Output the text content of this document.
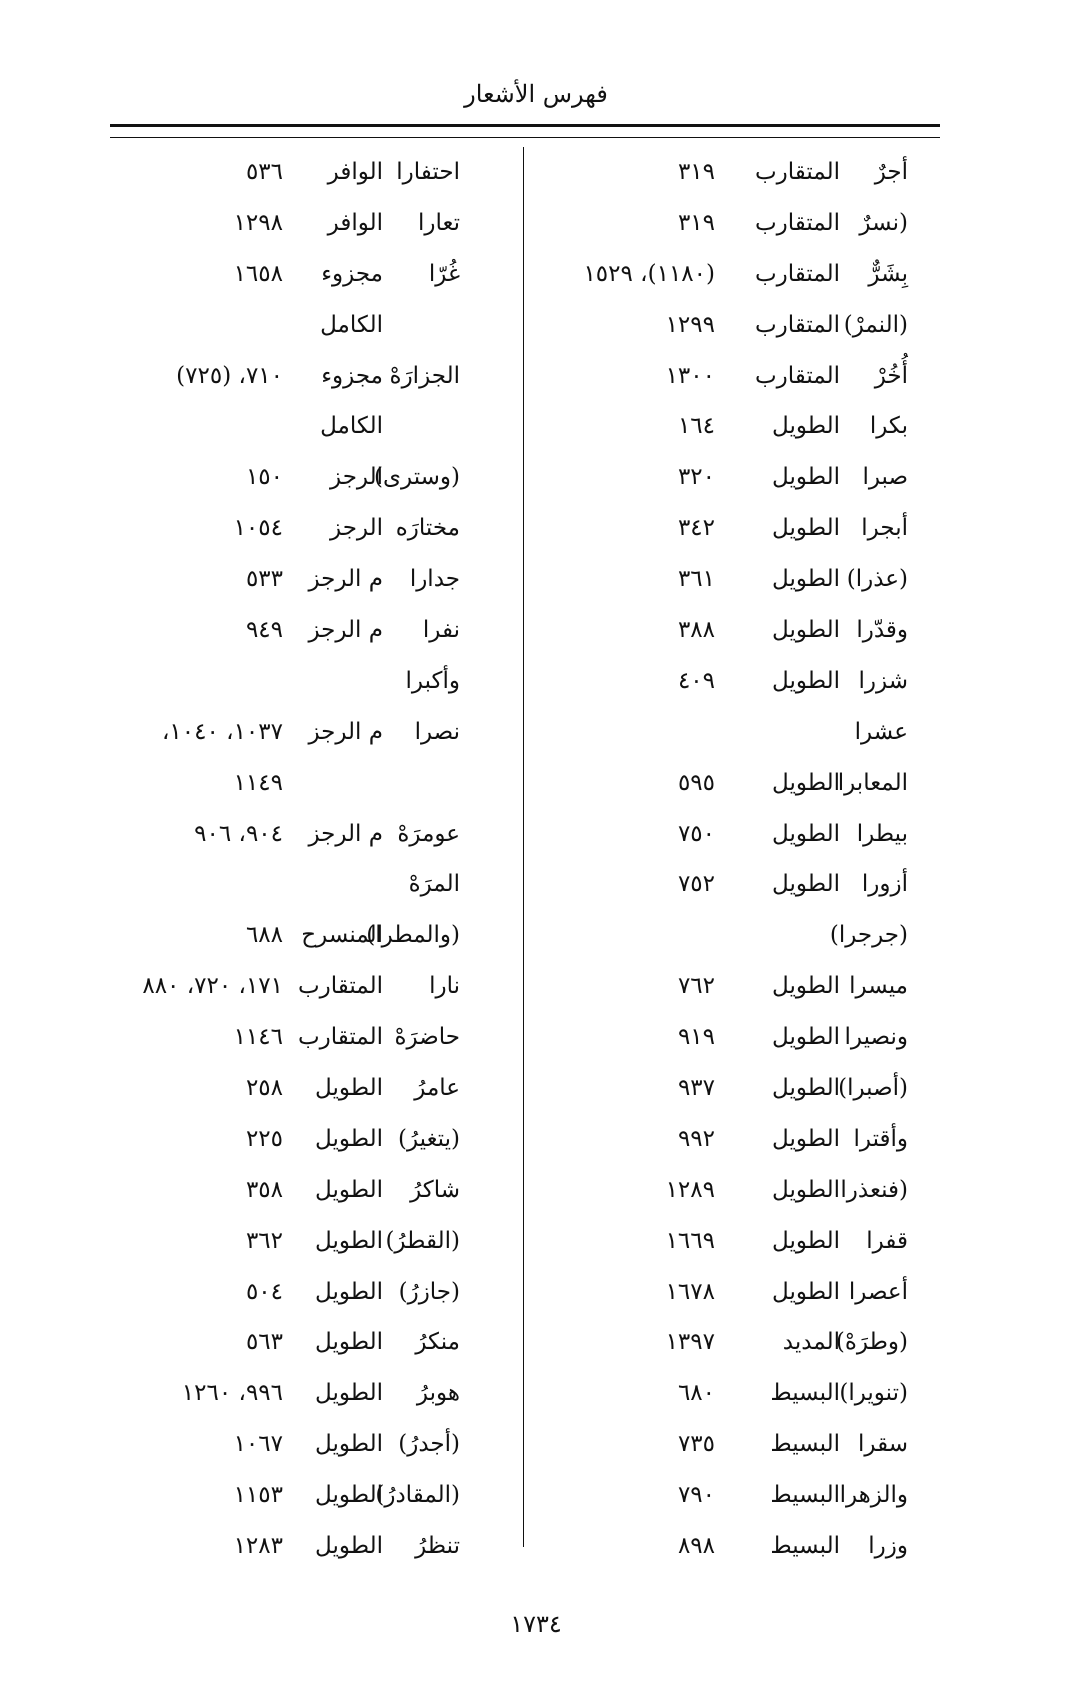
فهرس الأشعار
أجرٌ
المتقارب
٣١٩
(نسرٌ
المتقارب
٣١٩
بِشَرٌّ
المتقارب
(١١٨٠)، ١٥٢٩
(النمرْ)
المتقارب
١٢٩٩
أُخُرْ
المتقارب
١٣٠٠
بكرا
الطويل
١٦٤
صبرا
الطويل
٣٢٠
أبجرا
الطويل
٣٤٢
(عذرا)
الطويل
٣٦١
وقدّرا
الطويل
٣٨٨
شزرا
الطويل
٤٠٩
عشرا
المعابرا
الطويل
٥٩٥
بيطرا
الطويل
٧٥٠
أزورا
الطويل
٧٥٢
(جرجرا)
ميسرا
الطويل
٧٦٢
ونصيرا
الطويل
٩١٩
(أصبرا)
الطويل
٩٣٧
وأقترا
الطويل
٩٩٢
(فنعذرا
الطويل
١٢٨٩
قفرا
الطويل
١٦٦٩
أعصرا
الطويل
١٦٧٨
(وطرَهْ)
المديد
١٣٩٧
(تنويرا)
البسيط
٦٨٠
سقرا
البسيط
٧٣٥
والزهرا
البسيط
٧٩٠
وزرا
البسيط
٨٩٨
احتفارا
الوافر
٥٣٦
تعارا
الوافر
١٢٩٨
غُرّا
مجزوء
١٦٥٨
الكامل
الجزارَهْ
مجزوء
٧١٠، (٧٢٥)
الكامل
(وسترى)
الرجز
١٥٠
مختارَه
الرجز
١٠٥٤
جدارا
م الرجز
٥٣٣
نفرا
م الرجز
٩٤٩
وأكبرا
نصرا
م الرجز
١٠٣٧، ١٠٤٠،
١١٤٩
عومرَهْ
م الرجز
٩٠٤، ٩٠٦
المرَهْ
(والمطرا)
المنسرح
٦٨٨
نارا
المتقارب
١٧١، ٧٢٠، ٨٨٠
حاضرَهْ
المتقارب
١١٤٦
عامرُ
الطويل
٢٥٨
(يتغيرُ)
الطويل
٢٢٥
شاكرُ
الطويل
٣٥٨
(القطرُ)
الطويل
٣٦٢
(جازرُ)
الطويل
٥٠٤
منكرُ
الطويل
٥٦٣
هوبرُ
الطويل
٩٩٦، ١٢٦٠
(أجدرُ)
الطويل
١٠٦٧
(المقادرُ)
الطويل
١١٥٣
تنظرُ
الطويل
١٢٨٣
١٧٣٤
